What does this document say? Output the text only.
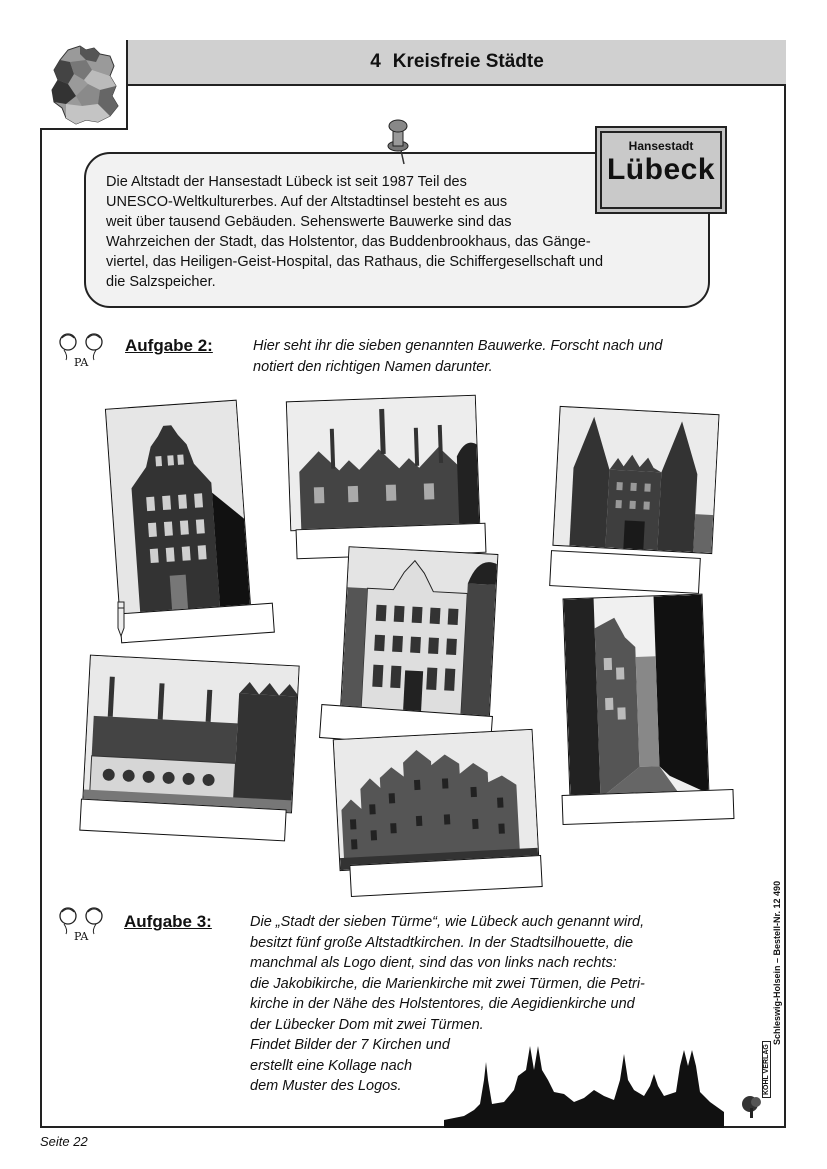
4 Kreisfreie Städte
Die Altstadt der Hansestadt Lübeck ist seit 1987 Teil des
UNESCO-Weltkulturerbes. Auf der Altstadtinsel besteht es aus
weit über tausend Gebäuden. Sehenswerte Bauwerke sind das
Wahrzeichen der Stadt, das Holstentor, das Buddenbrookhaus, das Gänge-
viertel, das Heiligen-Geist-Hospital, das Rathaus, die Schiffergesellschaft und
die Salzspeicher.
Hansestadt
Lübeck
PA
Aufgabe 2:	Hier seht ihr die sieben genannten Bauwerke. Forscht nach und
notiert den richtigen Namen darunter.
PA
Aufgabe 3:	Die „Stadt der sieben Türme“, wie Lübeck auch genannt wird,
besitzt fünf große Altstadtkirchen. In der Stadtsilhouette, die
manchmal als Logo dient, sind das von links nach rechts:
die Jakobikirche, die Marienkirche mit zwei Türmen, die Petri-
kirche in der Nähe des Holstentores, die Aegidienkirche und
der Lübecker Dom mit zwei Türmen.
Findet Bilder der 7 Kirchen und
erstellt eine Kollage nach
dem Muster des Logos.
Schleswig-Holsein – Bestell-Nr. 12 490
KOHL VERLAG
Seite 22
